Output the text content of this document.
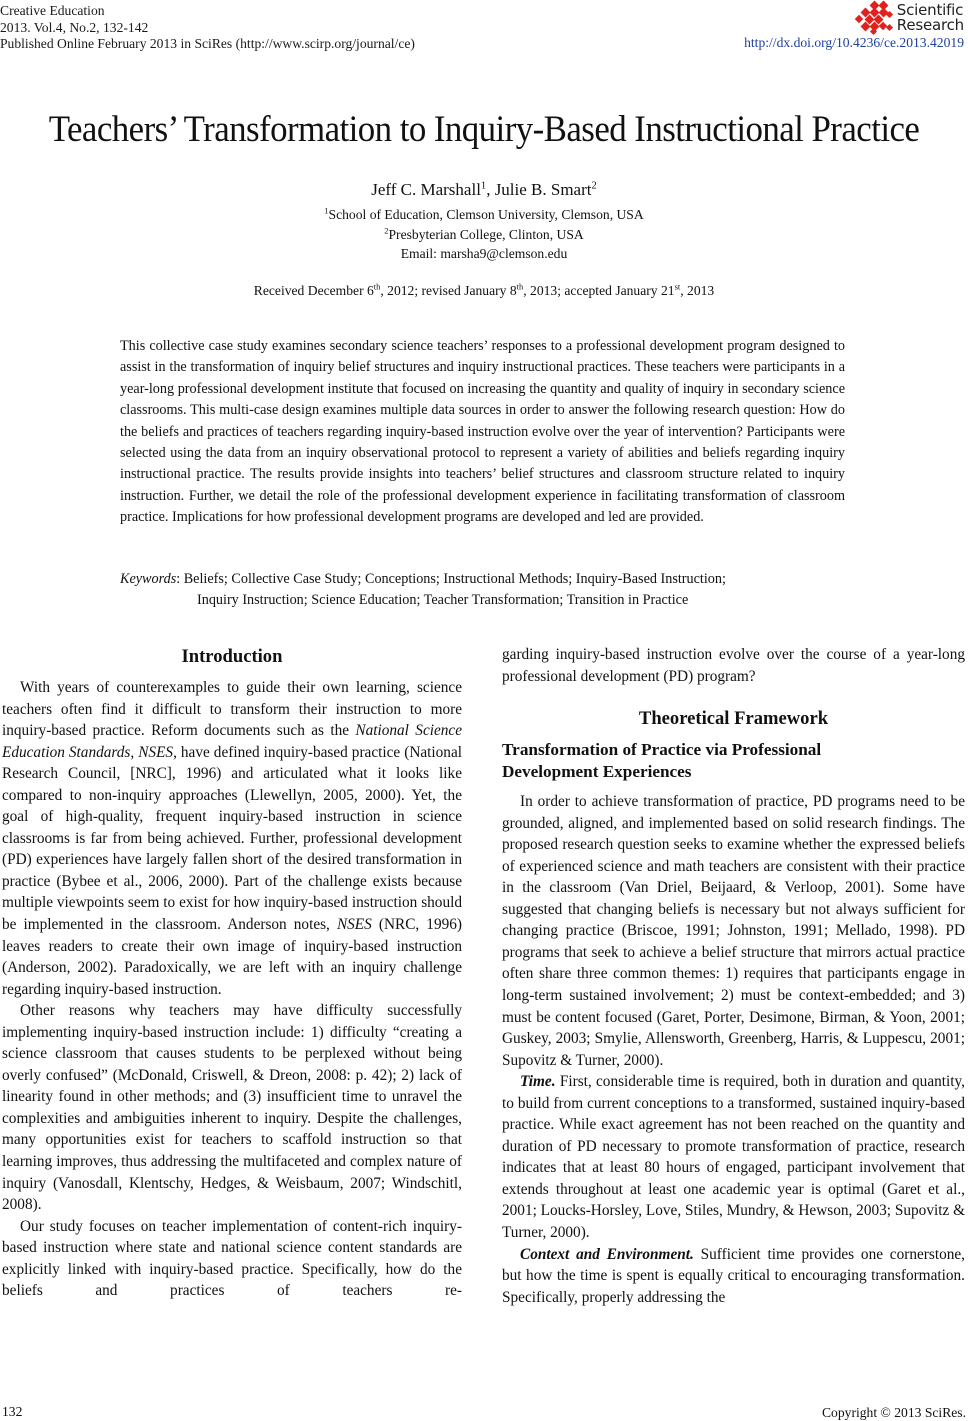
Creative Education
2013. Vol.4, No.2, 132-142
Published Online February 2013 in SciRes (http://www.scirp.org/journal/ce)
Scientific
Research
http://dx.doi.org/10.4236/ce.2013.42019
Teachers’ Transformation to Inquiry-Based Instructional Practice
Jeff C. Marshall$^1$, Julie B. Smart$^2$
$^1$School of Education, Clemson University, Clemson, USA
$^2$Presbyterian College, Clinton, USA
Email: marsha9@clemson.edu
Received December 6th, 2012; revised January 8th, 2013; accepted January 21st, 2013
This collective case study examines secondary science teachers’ responses to a professional development program designed to assist in the transformation of inquiry belief structures and inquiry instructional practices. These teachers were participants in a year-long professional development institute that focused on increasing the quantity and quality of inquiry in secondary science classrooms. This multi-case design examines multiple data sources in order to answer the following research question: How do the beliefs and practices of teachers regarding inquiry-based instruction evolve over the year of intervention? Participants were selected using the data from an inquiry observational protocol to represent a variety of abilities and beliefs regarding inquiry instructional practice. The results provide insights into teachers’ belief structures and classroom structure related to inquiry instruction. Further, we detail the role of the professional development experience in facilitating transformation of classroom practice. Implications for how professional development programs are developed and led are provided.
Keywords: Beliefs; Collective Case Study; Conceptions; Instructional Methods; Inquiry-Based Instruction;
Inquiry Instruction; Science Education; Teacher Transformation; Transition in Practice
Introduction

With years of counterexamples to guide their own learning, science teachers often find it difficult to transform their instruction to more inquiry-based practice. Reform documents such as the National Science Education Standards, NSES, have defined inquiry-based practice (National Research Council, [NRC], 1996) and articulated what it looks like compared to non-inquiry approaches (Llewellyn, 2005, 2000). Yet, the goal of high-quality, frequent inquiry-based instruction in science classrooms is far from being achieved. Further, professional development (PD) experiences have largely fallen short of the desired transformation in practice (Bybee et al., 2006, 2000). Part of the challenge exists because multiple viewpoints seem to exist for how inquiry-based instruction should be implemented in the classroom. Anderson notes, NSES (NRC, 1996) leaves readers to create their own image of inquiry-based instruction (Anderson, 2002). Paradoxically, we are left with an inquiry challenge regarding inquiry-based instruction.

Other reasons why teachers may have difficulty successfully implementing inquiry-based instruction include: 1) difficulty “creating a science classroom that causes students to be perplexed without being overly confused” (McDonald, Criswell, & Dreon, 2008: p. 42); 2) lack of linearity found in other methods; and (3) insufficient time to unravel the complexities and ambiguities inherent to inquiry. Despite the challenges, many opportunities exist for teachers to scaffold instruction so that learning improves, thus addressing the multifaceted and complex nature of inquiry (Vanosdall, Klentschy, Hedges, & Weisbaum, 2007; Windschitl, 2008).

Our study focuses on teacher implementation of content-rich inquiry-based instruction where state and national science content standards are explicitly linked with inquiry-based practice. Specifically, how do the beliefs and practices of teachers re-

garding inquiry-based instruction evolve over the course of a year-long professional development (PD) program?

Theoretical Framework
Transformation of Practice via Professional Development Experiences

In order to achieve transformation of practice, PD programs need to be grounded, aligned, and implemented based on solid research findings. The proposed research question seeks to examine whether the expressed beliefs of experienced science and math teachers are consistent with their practice in the classroom (Van Driel, Beijaard, & Verloop, 2001). Some have suggested that changing beliefs is necessary but not always sufficient for changing practice (Briscoe, 1991; Johnston, 1991; Mellado, 1998). PD programs that seek to achieve a belief structure that mirrors actual practice often share three common themes: 1) requires that participants engage in long-term sustained involvement; 2) must be context-embedded; and 3) must be content focused (Garet, Porter, Desimone, Birman, & Yoon, 2001; Guskey, 2003; Smylie, Allensworth, Greenberg, Harris, & Luppescu, 2001; Supovitz & Turner, 2000).

Time. First, considerable time is required, both in duration and quantity, to build from current conceptions to a transformed, sustained inquiry-based practice. While exact agreement has not been reached on the quantity and duration of PD necessary to promote transformation of practice, research indicates that at least 80 hours of engaged, participant involvement that extends throughout at least one academic year is optimal (Garet et al., 2001; Loucks-Horsley, Love, Stiles, Mundry, & Hewson, 2003; Supovitz & Turner, 2000).

Context and Environment. Sufficient time provides one cornerstone, but how the time is spent is equally critical to encouraging transformation. Specifically, properly addressing the

132	Copyright © 2013 SciRes.
